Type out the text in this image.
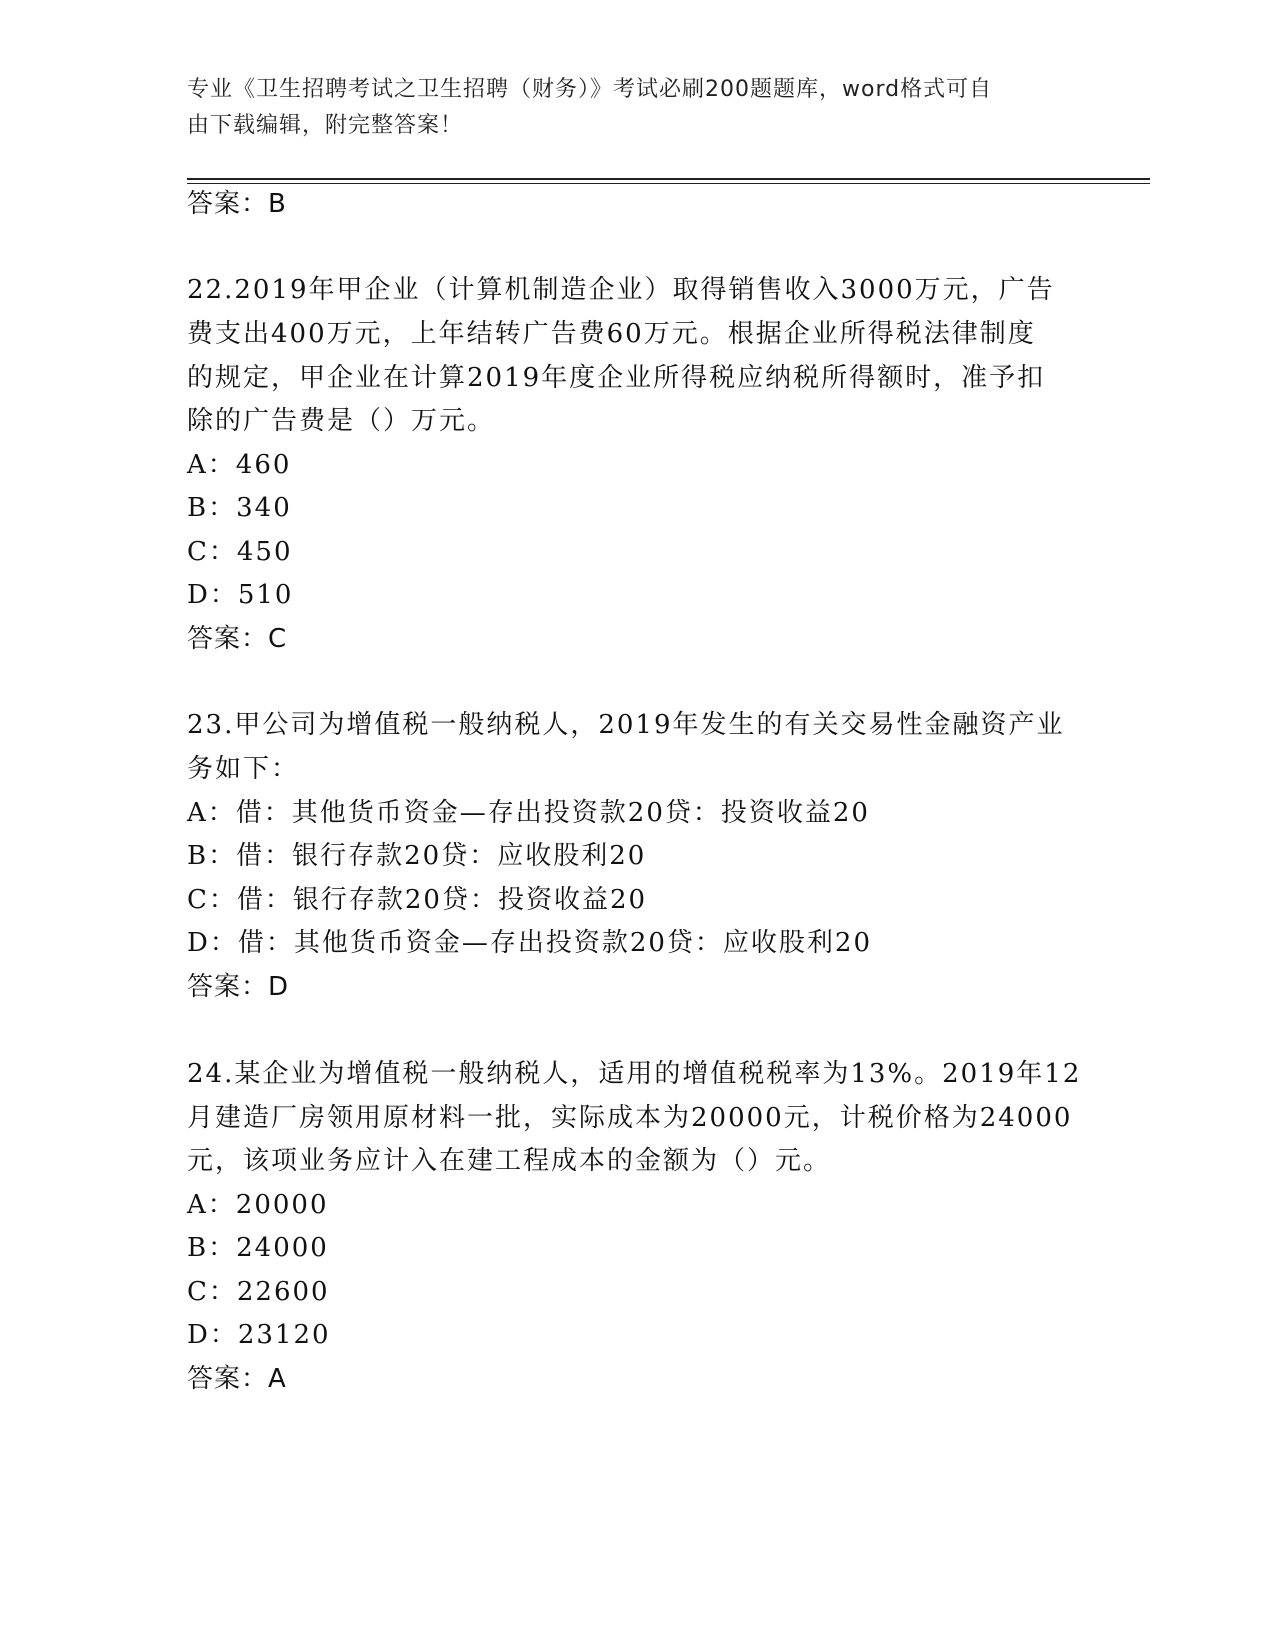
专业《卫生招聘考试之卫生招聘（财务）》考试必刷200题题库，word格式可自
由下载编辑，附完整答案！
答案：B
22.2019年甲企业（计算机制造企业）取得销售收入3000万元，广告
费支出400万元，上年结转广告费60万元。根据企业所得税法律制度
的规定，甲企业在计算2019年度企业所得税应纳税所得额时，准予扣
除的广告费是（）万元。
A：460
B：340
C：450
D：510
答案：C
23.甲公司为增值税一般纳税人，2019年发生的有关交易性金融资产业
务如下：
A：借：其他货币资金—存出投资款20贷：投资收益20
B：借：银行存款20贷：应收股利20
C：借：银行存款20贷：投资收益20
D：借：其他货币资金—存出投资款20贷：应收股利20
答案：D
24.某企业为增值税一般纳税人，适用的增值税税率为13%。2019年12
月建造厂房领用原材料一批，实际成本为20000元，计税价格为24000
元，该项业务应计入在建工程成本的金额为（）元。
A：20000
B：24000
C：22600
D：23120
答案：A
